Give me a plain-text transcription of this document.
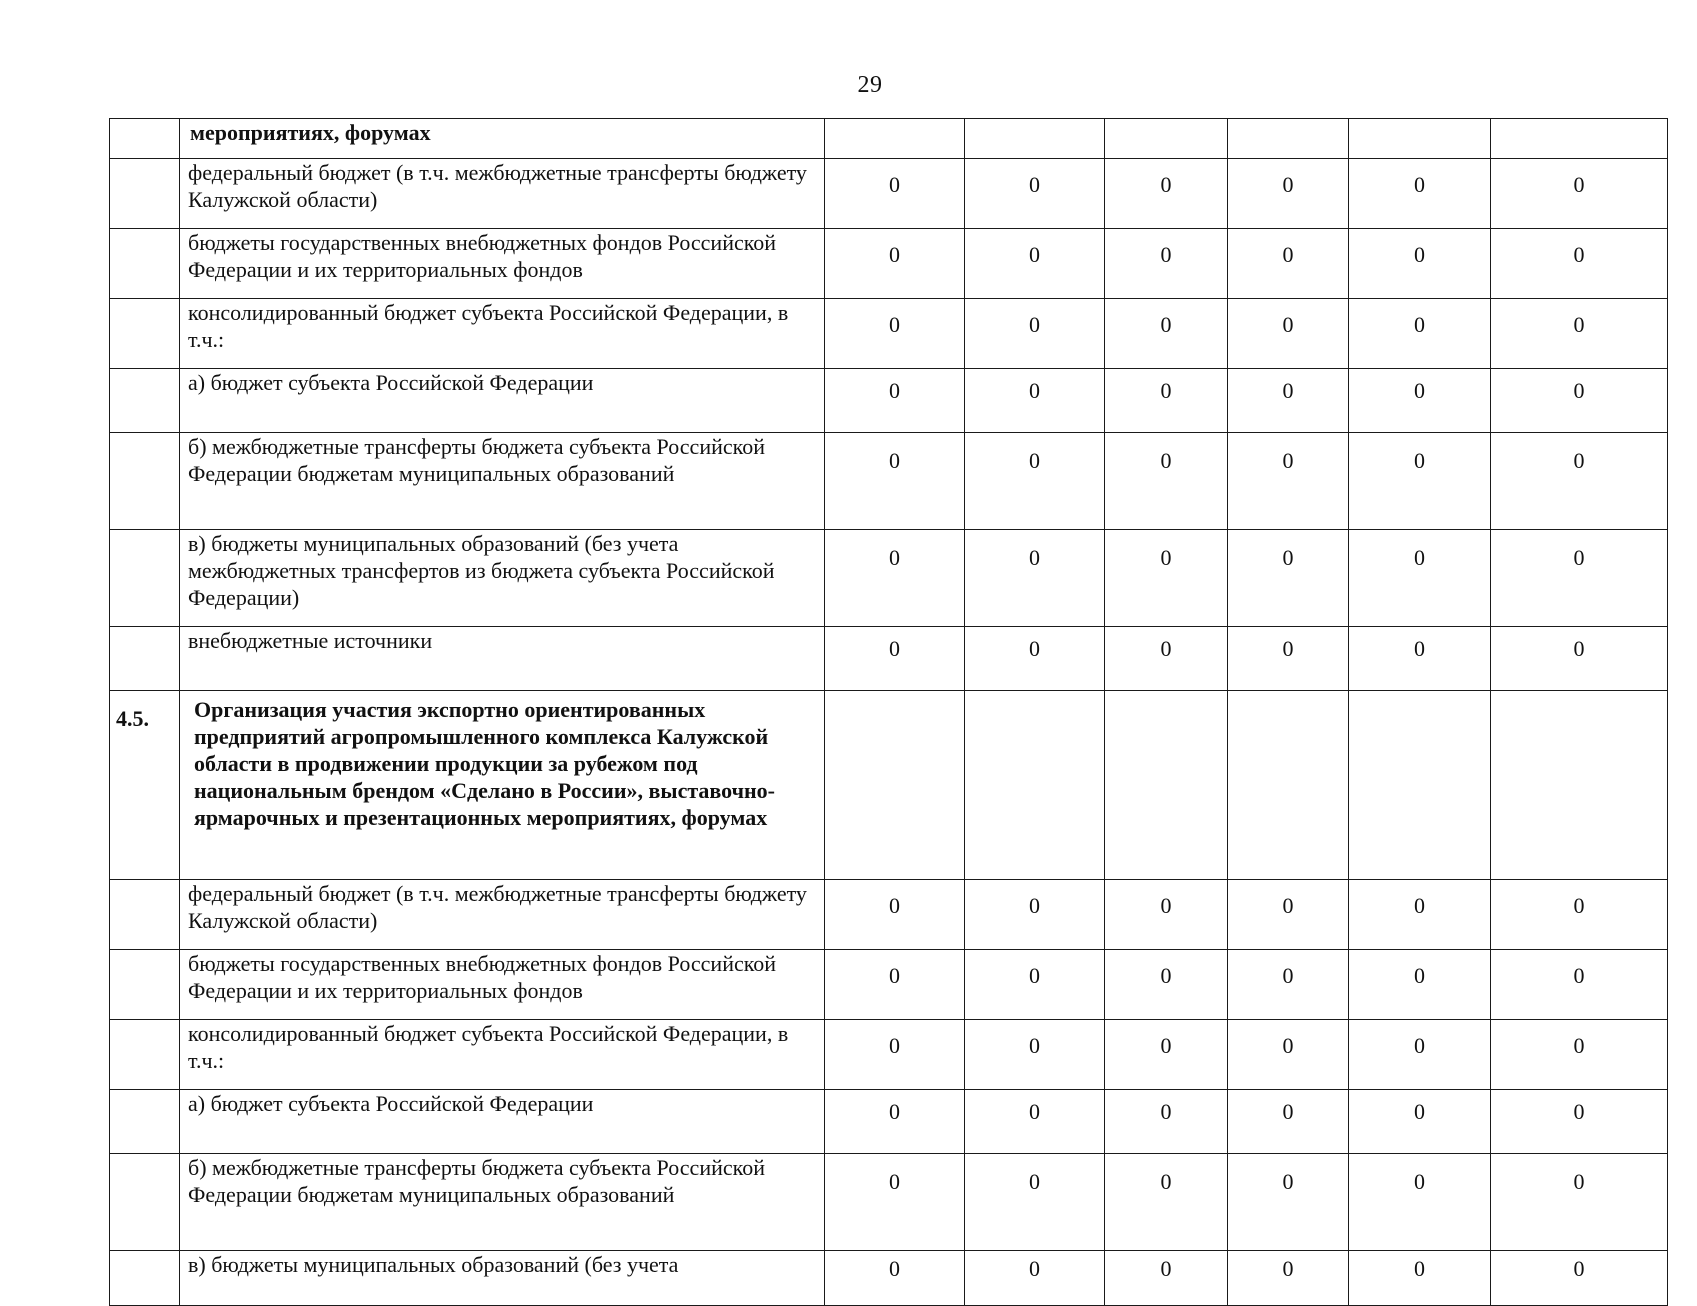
29
	мероприятиях, форумах						
	федеральный бюджет (в т.ч. межбюджетные трансферты бюджету Калужской области)	0	0	0	0	0	0
	бюджеты государственных внебюджетных фондов Российской Федерации и их территориальных фондов	0	0	0	0	0	0
	консолидированный бюджет субъекта Российской Федерации, в т.ч.:	0	0	0	0	0	0
	а) бюджет субъекта Российской Федерации	0	0	0	0	0	0
	б) межбюджетные трансферты бюджета субъекта Российской Федерации бюджетам муниципальных образований	0	0	0	0	0	0
	в) бюджеты муниципальных образований (без учета межбюджетных трансфертов из бюджета субъекта Российской Федерации)	0	0	0	0	0	0
	внебюджетные источники	0	0	0	0	0	0
4.5.	Организация участия экспортно ориентированных предприятий агропромышленного комплекса Калужской области в продвижении продукции за рубежом под национальным брендом «Сделано в России», выставочно-ярмарочных и презентационных мероприятиях, форумах						
	федеральный бюджет (в т.ч. межбюджетные трансферты бюджету Калужской области)	0	0	0	0	0	0
	бюджеты государственных внебюджетных фондов Российской Федерации и их территориальных фондов	0	0	0	0	0	0
	консолидированный бюджет субъекта Российской Федерации, в т.ч.:	0	0	0	0	0	0
	а) бюджет субъекта Российской Федерации	0	0	0	0	0	0
	б) межбюджетные трансферты бюджета субъекта Российской Федерации бюджетам муниципальных образований	0	0	0	0	0	0
	в) бюджеты муниципальных образований (без учета	0	0	0	0	0	0
